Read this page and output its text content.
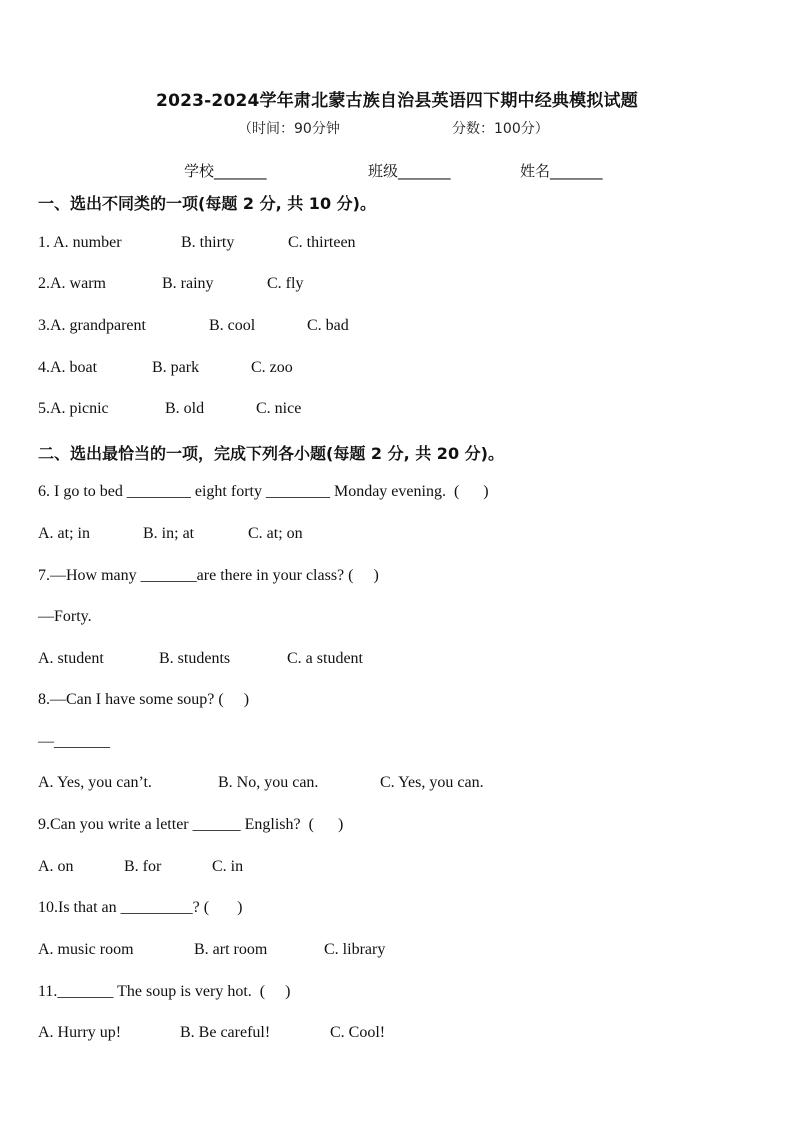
2023-2024学年肃北蒙古族自治县英语四下期中经典模拟试题
（时间：90分钟	分数：100分）
学校_______	班级_______	姓名_______
一、选出不同类的一项(每题 2 分, 共 10 分)。
1. A. number	B. thirty	C. thirteen
2.A. warm	B. rainy	C. fly
3.A. grandparent	B. cool	C. bad
4.A. boat	B. park	C. zoo
5.A. picnic	B. old	C. nice
二、选出最恰当的一项，完成下列各小题(每题 2 分, 共 20 分)。
6. I go to bed ________ eight forty ________ Monday evening.  (      )
A. at; in	B. in; at	C. at; on
7.—How many _______are there in your class? (     )
—Forty.
A. student	B. students	C. a student
8.—Can I have some soup? (     )
—_______
A. Yes, you can’t.	B. No, you can.	C. Yes, you can.
9.Can you write a letter ______ English?  (      )
A. on	B. for	C. in
10.Is that an _________? (       )
A. music room	B. art room	C. library
11._______ The soup is very hot.  (     )
A. Hurry up!	B. Be careful!	C. Cool!
